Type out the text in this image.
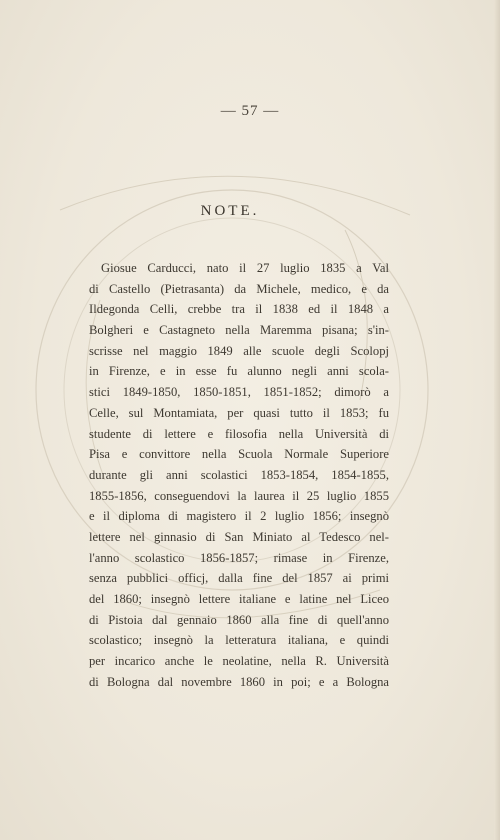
— 57 —
NOTE.
Giosue Carducci, nato il 27 luglio 1835 a Val
di Castello (Pietrasanta) da Michele, medico, e da
Ildegonda Celli, crebbe tra il 1838 ed il 1848 a
Bolgheri e Castagneto nella Maremma pisana; s'in-
scrisse nel maggio 1849 alle scuole degli Scolopj
in Firenze, e in esse fu alunno negli anni scola-
stici 1849-1850, 1850-1851, 1851-1852; dimorò a
Celle, sul Montamiata, per quasi tutto il 1853; fu
studente di lettere e filosofia nella Università di
Pisa e convittore nella Scuola Normale Superiore
durante gli anni scolastici 1853-1854, 1854-1855,
1855-1856, conseguendovi la laurea il 25 luglio 1855
e il diploma di magistero il 2 luglio 1856; insegnò
lettere nel ginnasio di San Miniato al Tedesco nel-
l'anno scolastico 1856-1857; rimase in Firenze,
senza pubblici officj, dalla fine del 1857 ai primi
del 1860; insegnò lettere italiane e latine nel Liceo
di Pistoia dal gennaio 1860 alla fine di quell'anno
scolastico; insegnò la letteratura italiana, e quindi
per incarico anche le neolatine, nella R. Università
di Bologna dal novembre 1860 in poi; e a Bologna
